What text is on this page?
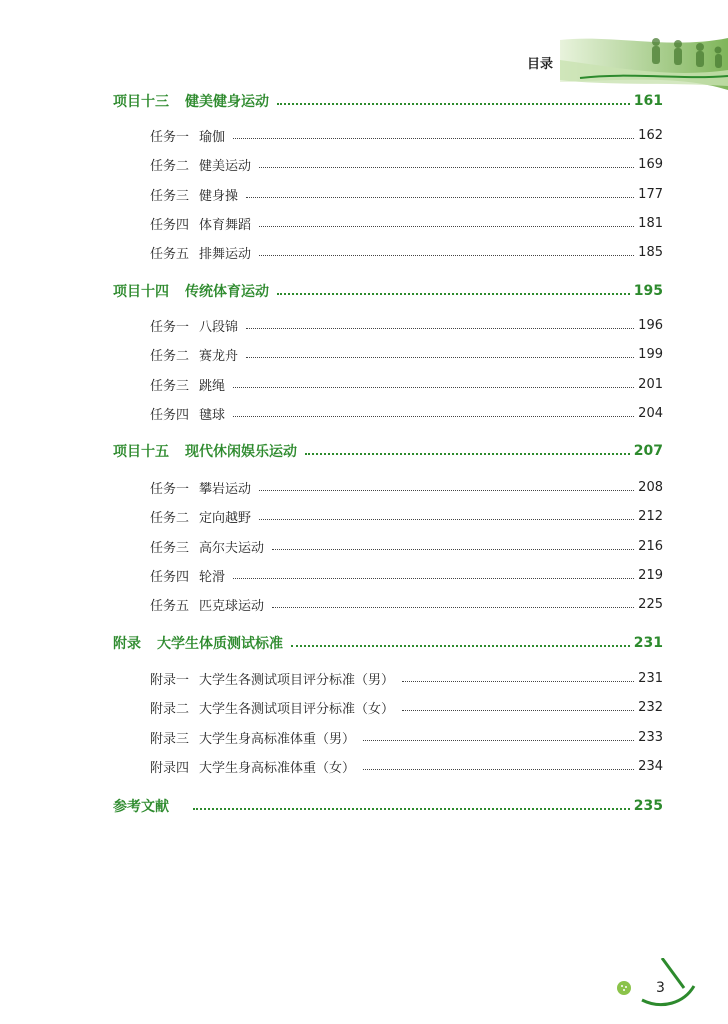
目录
项目十三 健美健身运动	161
任务一 瑜伽	162
任务二 健美运动	169
任务三 健身操	177
任务四 体育舞蹈	181
任务五 排舞运动	185
项目十四 传统体育运动	195
任务一 八段锦	196
任务二 赛龙舟	199
任务三 跳绳	201
任务四 毽球	204
项目十五 现代休闲娱乐运动	207
任务一 攀岩运动	208
任务二 定向越野	212
任务三 高尔夫运动	216
任务四 轮滑	219
任务五 匹克球运动	225
附录 大学生体质测试标准	231
附录一 大学生各测试项目评分标准（男）	231
附录二 大学生各测试项目评分标准（女）	232
附录三 大学生身高标准体重（男）	233
附录四 大学生身高标准体重（女）	234
参考文献	235
3
